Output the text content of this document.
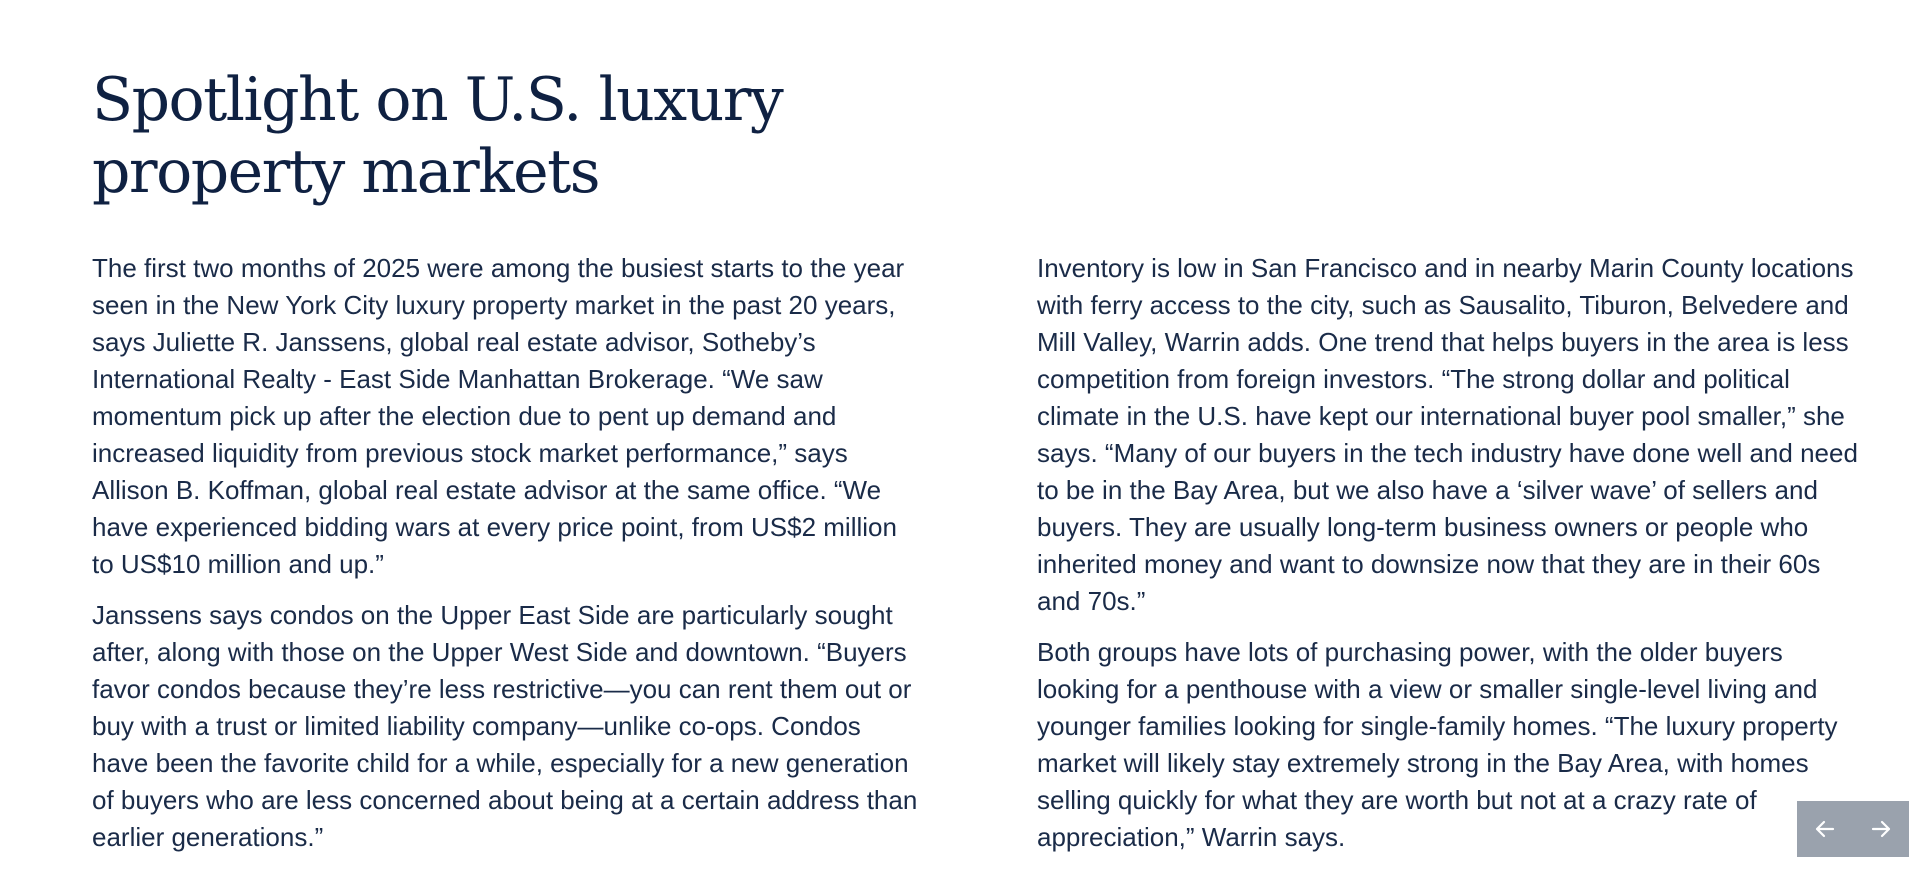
Spotlight on U.S. luxury property markets

The first two months of 2025 were among the busiest starts to the year seen in the New York City luxury property market in the past 20 years, says Juliette R. Janssens, global real estate advisor, Sotheby’s International Realty - East Side Manhattan Brokerage. “We saw momentum pick up after the election due to pent up demand and increased liquidity from previous stock market performance,” says Allison B. Koffman, global real estate advisor at the same office. “We have experienced bidding wars at every price point, from US$2 million to US$10 million and up.”

Janssens says condos on the Upper East Side are particularly sought after, along with those on the Upper West Side and downtown. “Buyers favor condos because they’re less restrictive—you can rent them out or buy with a trust or limited liability company—unlike co-ops. Condos have been the favorite child for a while, especially for a new generation of buyers who are less concerned about being at a certain address than earlier generations.”

Inventory is low in San Francisco and in nearby Marin County locations with ferry access to the city, such as Sausalito, Tiburon, Belvedere and Mill Valley, Warrin adds. One trend that helps buyers in the area is less competition from foreign investors. “The strong dollar and political climate in the U.S. have kept our international buyer pool smaller,” she says. “Many of our buyers in the tech industry have done well and need to be in the Bay Area, but we also have a ‘silver wave’ of sellers and buyers. They are usually long-term business owners or people who inherited money and want to downsize now that they are in their 60s and 70s.”

Both groups have lots of purchasing power, with the older buyers looking for a penthouse with a view or smaller single-level living and younger families looking for single-family homes. “The luxury property market will likely stay extremely strong in the Bay Area, with homes selling quickly for what they are worth but not at a crazy rate of appreciation,” Warrin says.
